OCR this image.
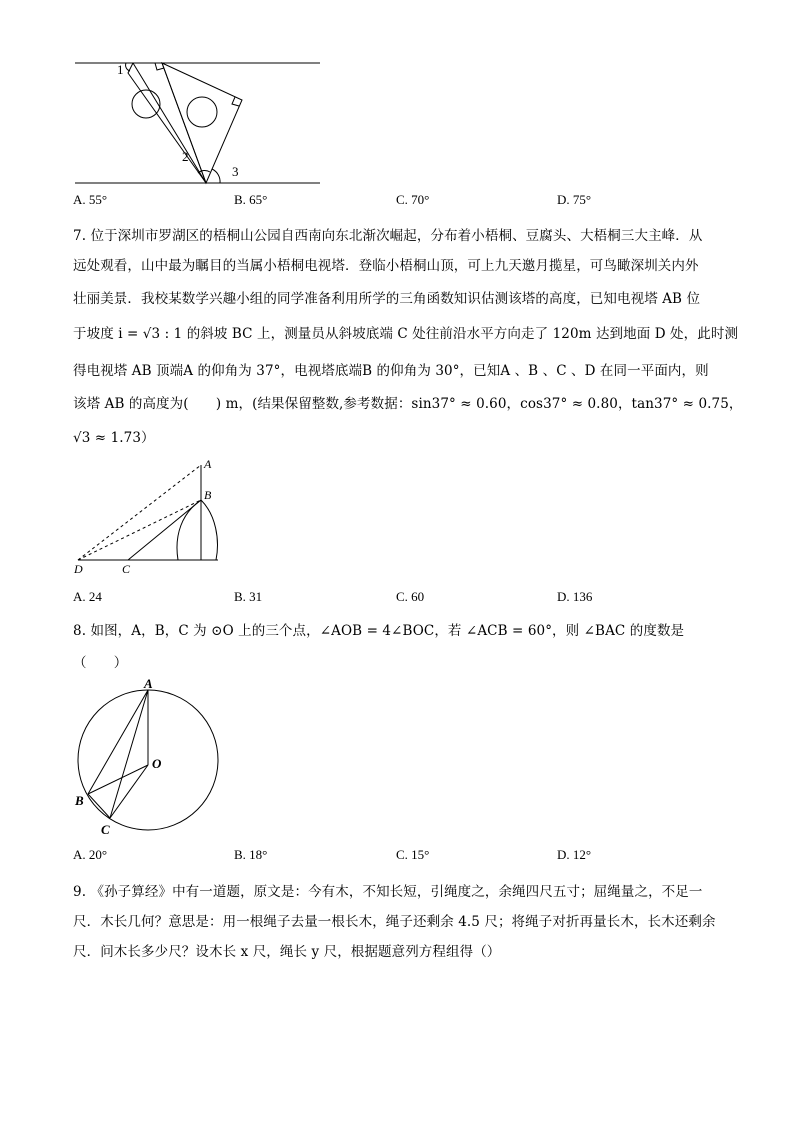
1
2
3
A. 55°	B. 65°	C. 70°	D. 75°
7. 位于深圳市罗湖区的梧桐山公园自西南向东北渐次崛起，分布着小梧桐、豆腐头、大梧桐三大主峰．从
远处观看，山中最为瞩目的当属小梧桐电视塔．登临小梧桐山顶，可上九天邀月揽星，可鸟瞰深圳关内外
壮丽美景．我校某数学兴趣小组的同学准备利用所学的三角函数知识估测该塔的高度，已知电视塔 AB 位
于坡度 i = √3 : 1 的斜坡 BC 上，测量员从斜坡底端 C 处往前沿水平方向走了 120m 达到地面 D 处，此时测
得电视塔 AB 顶端A 的仰角为 37°，电视塔底端B 的仰角为 30°，已知A 、B 、C 、D 在同一平面内，则
该塔 AB 的高度为(　　) m，(结果保留整数,参考数据：sin37° ≈ 0.60，cos37° ≈ 0.80，tan37° ≈ 0.75，
√3 ≈ 1.73）
A
B
C
D
A. 24	B. 31	C. 60	D. 136
8. 如图，A，B，C 为 ⊙O 上的三个点，∠AOB = 4∠BOC，若 ∠ACB = 60°，则 ∠BAC 的度数是
（　　）
A
O
B
C
A. 20°	B. 18°	C. 15°	D. 12°
9. 《孙子算经》中有一道题，原文是：今有木，不知长短，引绳度之，余绳四尺五寸；屈绳量之，不足一
尺．木长几何？意思是：用一根绳子去量一根长木，绳子还剩余 4.5 尺；将绳子对折再量长木，长木还剩余
尺．问木长多少尺？设木长 x 尺，绳长 y 尺，根据题意列方程组得（）
